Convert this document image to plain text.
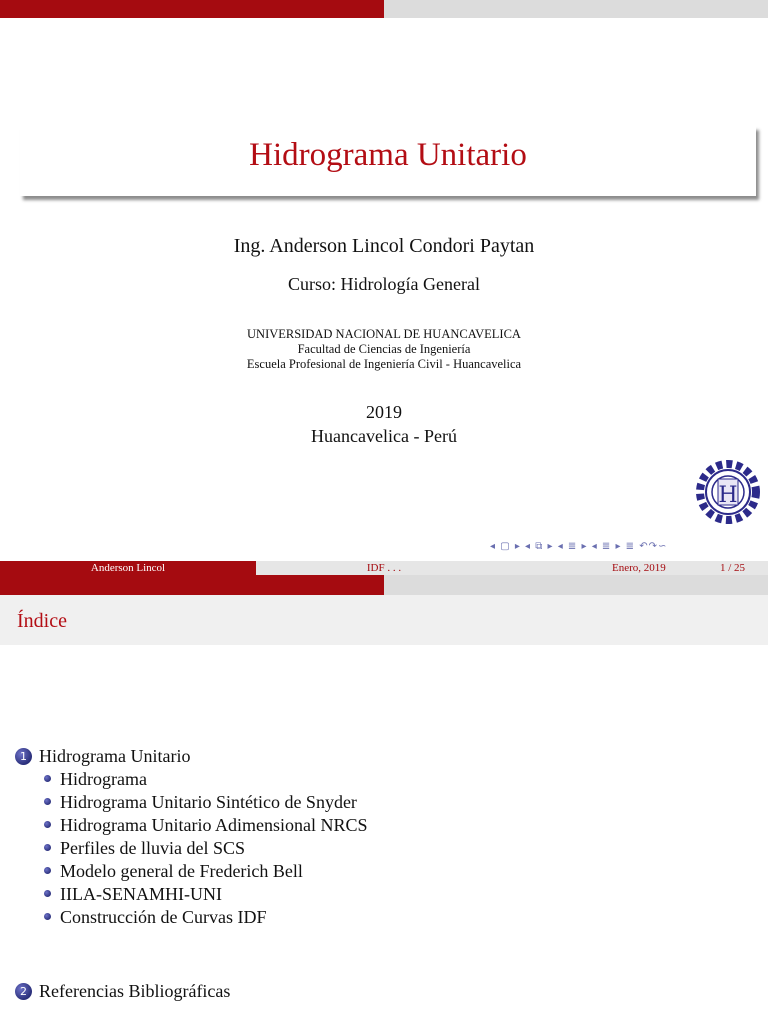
Hidrograma Unitario
Ing. Anderson Lincol Condori Paytan
Curso: Hidrología General
UNIVERSIDAD NACIONAL DE HUANCAVELICA
Facultad de Ciencias de Ingeniería
Escuela Profesional de Ingeniería Civil - Huancavelica
2019
Huancavelica - Perú
H
◂ ▢ ▸ ◂ ⧉ ▸ ◂ ≣ ▸ ◂ ≣ ▸ ≣ ↶↷∽
Anderson Lincol	IDF . . .	Enero, 2019	1 / 25
Índice
1 Hidrograma Unitario
Hidrograma
Hidrograma Unitario Sintético de Snyder
Hidrograma Unitario Adimensional NRCS
Perfiles de lluvia del SCS
Modelo general de Frederich Bell
IILA-SENAMHI-UNI
Construcción de Curvas IDF
2 Referencias Bibliográficas
